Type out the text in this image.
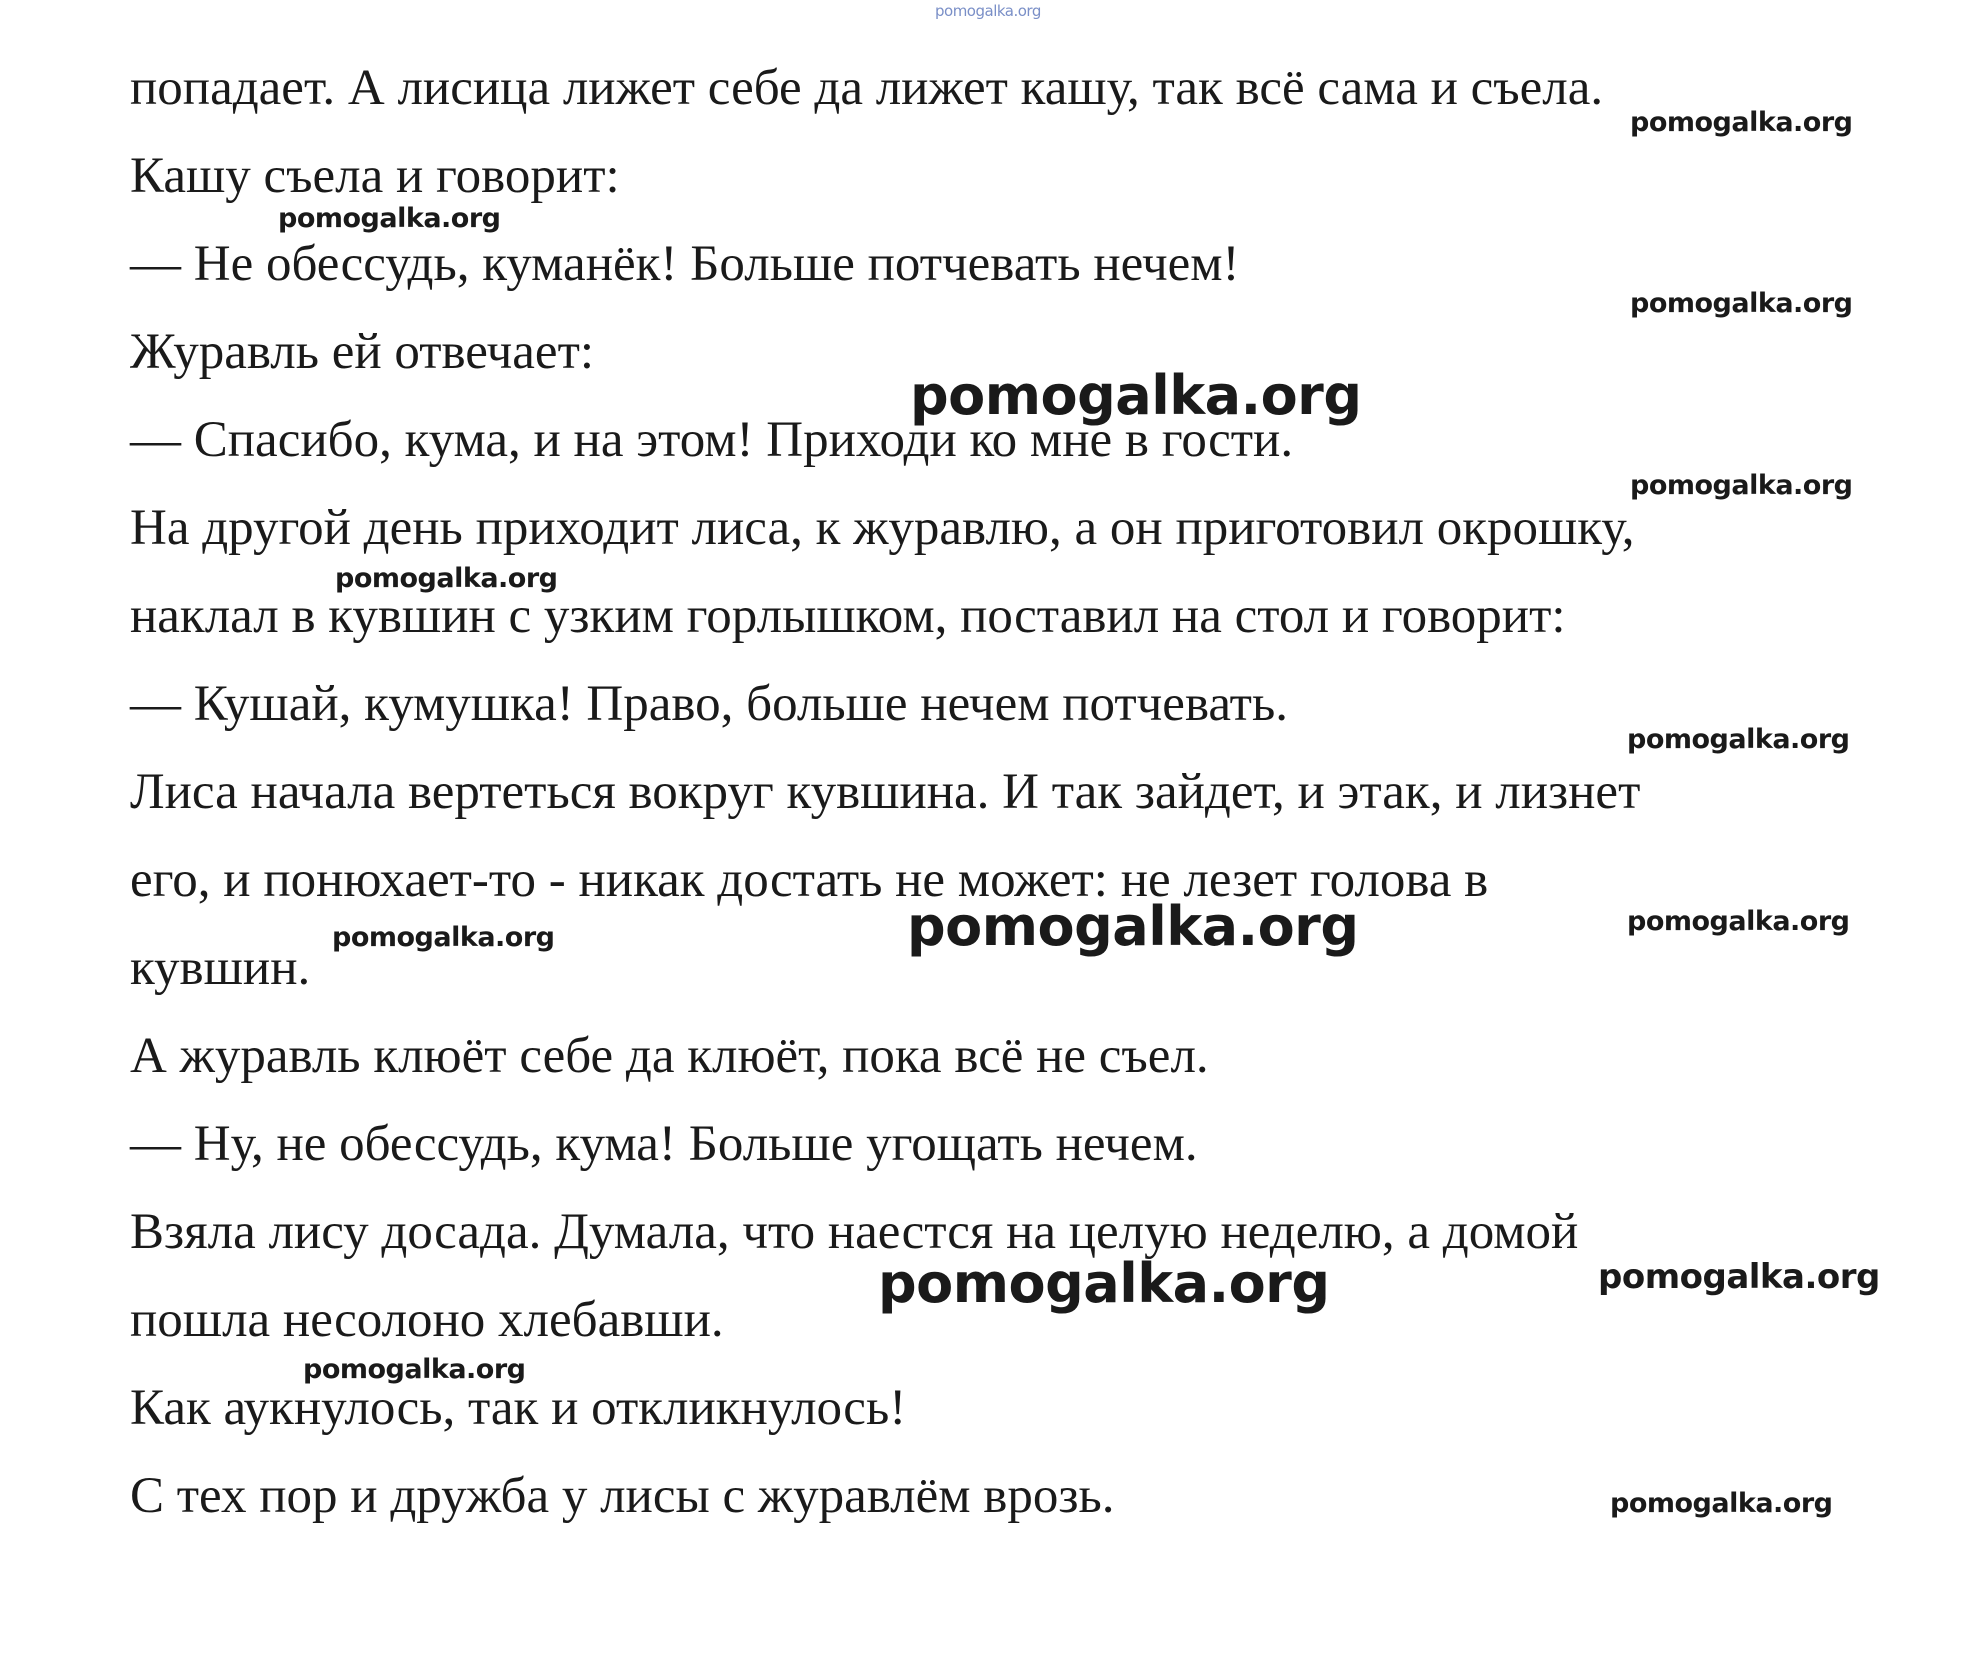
pomogalka.org

попадает. А лисица лижет себе да лижет кашу, так всё сама и съела.

Кашу съела и говорит:

— Не обессудь, куманёк! Больше потчевать нечем!

Журавль ей отвечает:

— Спасибо, кума, и на этом! Приходи ко мне в гости.

На другой день приходит лиса, к журавлю, а он приготовил окрошку,

наклал в кувшин с узким горлышком, поставил на стол и говорит:

— Кушай, кумушка! Право, больше нечем потчевать.

Лиса начала вертеться вокруг кувшина. И так зайдет, и этак, и лизнет

его, и понюхает-то - никак достать не может: не лезет голова в

кувшин.

А журавль клюёт себе да клюёт, пока всё не съел.

— Ну, не обессудь, кума! Больше угощать нечем.

Взяла лису досада. Думала, что наестся на целую неделю, а домой

пошла несолоно хлебавши.

Как аукнулось, так и откликнулось!

С тех пор и дружба у лисы с журавлём врозь.

pomogalka.org
pomogalka.org
pomogalka.org
pomogalka.org
pomogalka.org
pomogalka.org
pomogalka.org
pomogalka.org
pomogalka.org
pomogalka.org
pomogalka.org	pomogalka.org
pomogalka.org
pomogalka.org
